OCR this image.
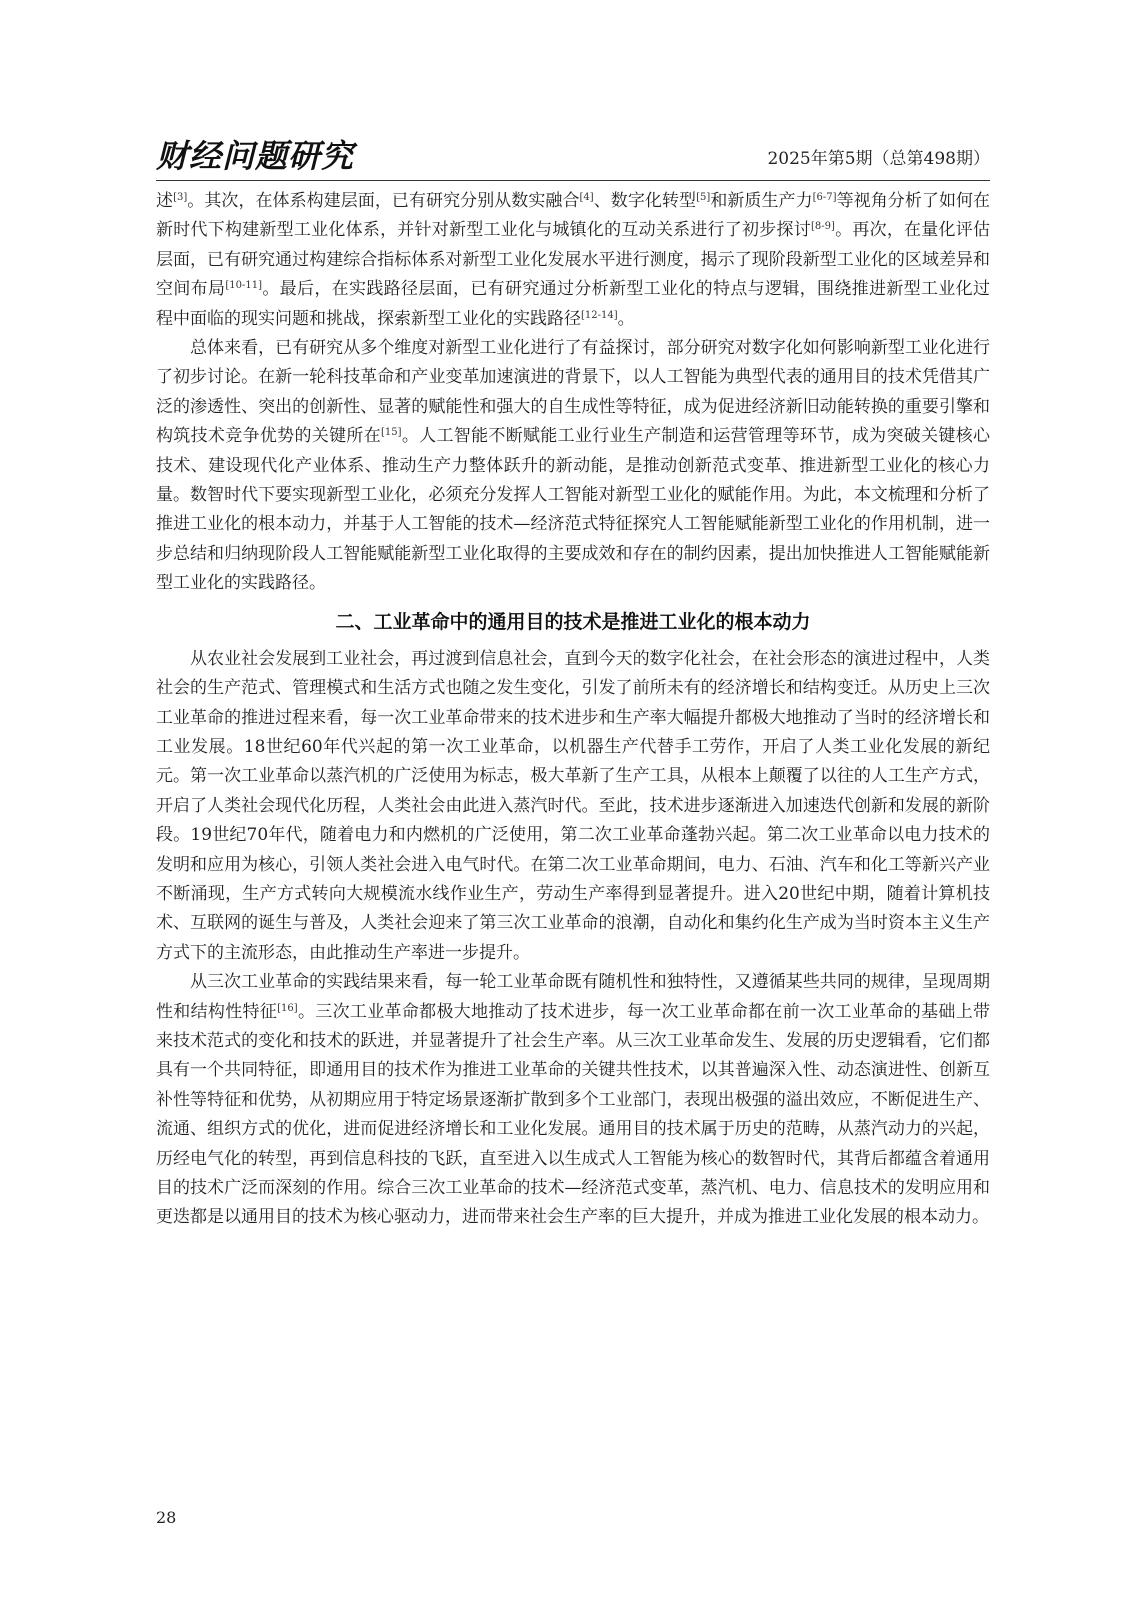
财经问题研究	2025年第5期（总第498期）

述[3]。其次，在体系构建层面，已有研究分别从数实融合[4]、数字化转型[5]和新质生产力[6-7]等视角分析了如何在新时代下构建新型工业化体系，并针对新型工业化与城镇化的互动关系进行了初步探讨[8-9]。再次，在量化评估层面，已有研究通过构建综合指标体系对新型工业化发展水平进行测度，揭示了现阶段新型工业化的区域差异和空间布局[10-11]。最后，在实践路径层面，已有研究通过分析新型工业化的特点与逻辑，围绕推进新型工业化过程中面临的现实问题和挑战，探索新型工业化的实践路径[12-14]。

总体来看，已有研究从多个维度对新型工业化进行了有益探讨，部分研究对数字化如何影响新型工业化进行了初步讨论。在新一轮科技革命和产业变革加速演进的背景下，以人工智能为典型代表的通用目的技术凭借其广泛的渗透性、突出的创新性、显著的赋能性和强大的自生成性等特征，成为促进经济新旧动能转换的重要引擎和构筑技术竞争优势的关键所在[15]。人工智能不断赋能工业行业生产制造和运营管理等环节，成为突破关键核心技术、建设现代化产业体系、推动生产力整体跃升的新动能，是推动创新范式变革、推进新型工业化的核心力量。数智时代下要实现新型工业化，必须充分发挥人工智能对新型工业化的赋能作用。为此，本文梳理和分析了推进工业化的根本动力，并基于人工智能的技术—经济范式特征探究人工智能赋能新型工业化的作用机制，进一步总结和归纳现阶段人工智能赋能新型工业化取得的主要成效和存在的制约因素，提出加快推进人工智能赋能新型工业化的实践路径。

二、工业革命中的通用目的技术是推进工业化的根本动力

从农业社会发展到工业社会，再过渡到信息社会，直到今天的数字化社会，在社会形态的演进过程中，人类社会的生产范式、管理模式和生活方式也随之发生变化，引发了前所未有的经济增长和结构变迁。从历史上三次工业革命的推进过程来看，每一次工业革命带来的技术进步和生产率大幅提升都极大地推动了当时的经济增长和工业发展。18世纪60年代兴起的第一次工业革命，以机器生产代替手工劳作，开启了人类工业化发展的新纪元。第一次工业革命以蒸汽机的广泛使用为标志，极大革新了生产工具，从根本上颠覆了以往的人工生产方式，开启了人类社会现代化历程，人类社会由此进入蒸汽时代。至此，技术进步逐渐进入加速迭代创新和发展的新阶段。19世纪70年代，随着电力和内燃机的广泛使用，第二次工业革命蓬勃兴起。第二次工业革命以电力技术的发明和应用为核心，引领人类社会进入电气时代。在第二次工业革命期间，电力、石油、汽车和化工等新兴产业不断涌现，生产方式转向大规模流水线作业生产，劳动生产率得到显著提升。进入20世纪中期，随着计算机技术、互联网的诞生与普及，人类社会迎来了第三次工业革命的浪潮，自动化和集约化生产成为当时资本主义生产方式下的主流形态，由此推动生产率进一步提升。

从三次工业革命的实践结果来看，每一轮工业革命既有随机性和独特性，又遵循某些共同的规律，呈现周期性和结构性特征[16]。三次工业革命都极大地推动了技术进步，每一次工业革命都在前一次工业革命的基础上带来技术范式的变化和技术的跃进，并显著提升了社会生产率。从三次工业革命发生、发展的历史逻辑看，它们都具有一个共同特征，即通用目的技术作为推进工业革命的关键共性技术，以其普遍深入性、动态演进性、创新互补性等特征和优势，从初期应用于特定场景逐渐扩散到多个工业部门，表现出极强的溢出效应，不断促进生产、流通、组织方式的优化，进而促进经济增长和工业化发展。通用目的技术属于历史的范畴，从蒸汽动力的兴起，历经电气化的转型，再到信息科技的飞跃，直至进入以生成式人工智能为核心的数智时代，其背后都蕴含着通用目的技术广泛而深刻的作用。综合三次工业革命的技术—经济范式变革，蒸汽机、电力、信息技术的发明应用和更迭都是以通用目的技术为核心驱动力，进而带来社会生产率的巨大提升，并成为推进工业化发展的根本动力。

28
